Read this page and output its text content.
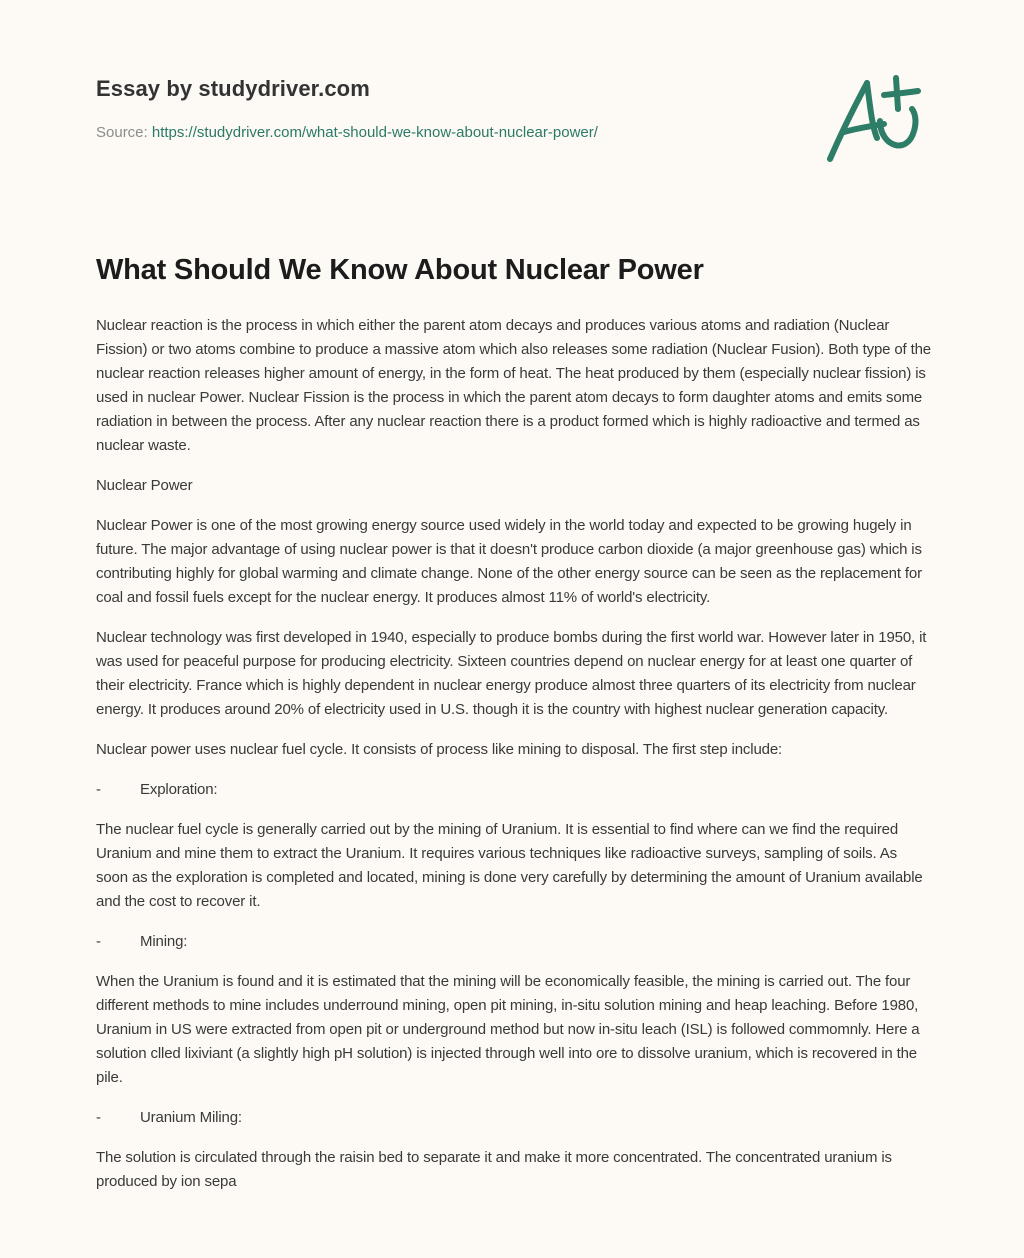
Essay by studydriver.com
Source: https://studydriver.com/what-should-we-know-about-nuclear-power/
What Should We Know About Nuclear Power

Nuclear reaction is the process in which either the parent atom decays and produces various atoms and radiation (Nuclear Fission) or two atoms combine to produce a massive atom which also releases some radiation (Nuclear Fusion). Both type of the nuclear reaction releases higher amount of energy, in the form of heat. The heat produced by them (especially nuclear fission) is used in nuclear Power. Nuclear Fission is the process in which the parent atom decays to form daughter atoms and emits some radiation in between the process. After any nuclear reaction there is a product formed which is highly radioactive and termed as nuclear waste.

Nuclear Power

Nuclear Power is one of the most growing energy source used widely in the world today and expected to be growing hugely in future. The major advantage of using nuclear power is that it doesn't produce carbon dioxide (a major greenhouse gas) which is contributing highly for global warming and climate change. None of the other energy source can be seen as the replacement for coal and fossil fuels except for the nuclear energy. It produces almost 11% of world's electricity.

Nuclear technology was first developed in 1940, especially to produce bombs during the first world war. However later in 1950, it was used for peaceful purpose for producing electricity. Sixteen countries depend on nuclear energy for at least one quarter of their electricity. France which is highly dependent in nuclear energy produce almost three quarters of its electricity from nuclear energy. It produces around 20% of electricity used in U.S. though it is the country with highest nuclear generation capacity.

Nuclear power uses nuclear fuel cycle. It consists of process like mining to disposal. The first step include:

-	Exploration:

The nuclear fuel cycle is generally carried out by the mining of Uranium. It is essential to find where can we find the required Uranium and mine them to extract the Uranium. It requires various techniques like radioactive surveys, sampling of soils. As soon as the exploration is completed and located, mining is done very carefully by determining the amount of Uranium available and the cost to recover it.

-	Mining:

When the Uranium is found and it is estimated that the mining will be economically feasible, the mining is carried out. The four different methods to mine includes underround mining, open pit mining, in-situ solution mining and heap leaching. Before 1980, Uranium in US were extracted from open pit or underground method but now in-situ leach (ISL) is followed commomnly. Here a solution clled lixiviant (a slightly high pH solution) is injected through well into ore to dissolve uranium, which is recovered in the pile.

-	Uranium Miling:

The solution is circulated through the raisin bed to separate it and make it more concentrated. The concentrated uranium is produced by ion sepa
